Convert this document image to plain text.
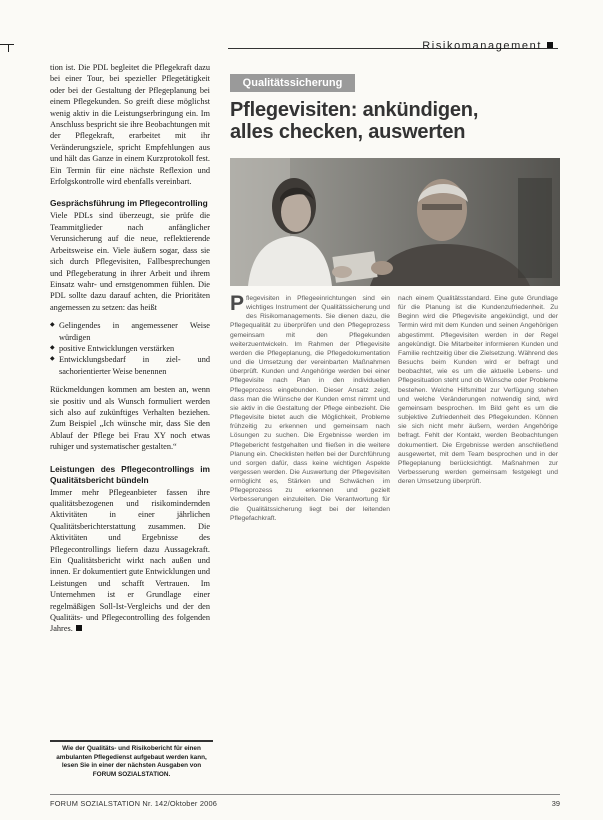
Risikomanagement

tion ist. Die PDL begleitet die Pflegekraft dazu bei einer Tour, bei spezieller Pflegetätigkeit oder bei der Gestaltung der Pflegeplanung bei einem Pflegekunden. So greift diese möglichst wenig aktiv in die Leistungserbringung ein. Im Anschluss bespricht sie ihre Beobachtungen mit der Pflegekraft, erarbeitet mit ihr Veränderungsziele, spricht Empfehlungen aus und hält das Ganze in einem Kurzprotokoll fest. Ein Termin für eine nächste Reflexion und Erfolgskontrolle wird ebenfalls vereinbart.

Gesprächsführung im Pflegecontrolling

Viele PDLs sind überzeugt, sie prüfe die Teammitglieder nach anfänglicher Verunsicherung auf die neue, reflektierende Arbeitsweise ein. Viele äußern sogar, dass sie sich durch Pflegevisiten, Fallbesprechungen und Pflegeberatung in ihrer Arbeit und ihrem Einsatz wahr- und ernstgenommen fühlen. Die PDL sollte dazu darauf achten, die Prioritäten angemessen zu setzen: das heißt

◆ Gelingendes in angemessener Weise würdigen
◆ positive Entwicklungen verstärken
◆ Entwicklungsbedarf in ziel- und sachorientierter Weise benennen

Rückmeldungen kommen am besten an, wenn sie positiv und als Wunsch formuliert werden sich also auf zukünftiges Verhalten beziehen. Zum Beispiel „Ich wünsche mir, dass Sie den Ablauf der Pflege bei Frau XY noch etwas ruhiger und systematischer gestalten.“

Leistungen des Pflegecontrollings im Qualitätsbericht bündeln

Immer mehr Pflegeanbieter fassen ihre qualitätsbezogenen und risikomindernden Aktivitäten in einer jährlichen Qualitätsberichterstattung zusammen. Die Aktivitäten und Ergebnisse des Pflegecontrollings liefern dazu Aussagekraft. Ein Qualitätsbericht wirkt nach außen und innen. Er dokumentiert gute Entwicklungen und Leistungen und schafft Vertrauen. Im Unternehmen ist er Grundlage einer regelmäßigen Soll-Ist-Vergleichs und der den Qualitäts- und Pflegecontrolling des folgenden Jahres.

Wie der Qualitäts- und Risikobericht für einen ambulanten Pflegedienst aufgebaut werden kann, lesen Sie in einer der nächsten Ausgaben von FORUM SOZIALSTATION.
Qualitätssicherung
Pflegevisiten: ankündigen,
alles checken, auswerten
P flegevisiten in Pflegeeinrichtungen sind ein wichtiges Instrument der Qualitätssicherung und des Risikomanagements. Sie dienen dazu, die Pflegequalität zu überprüfen und den Pflegeprozess gemeinsam mit den Pflegekunden weiterzuentwickeln. Im Rahmen der Pflegevisite werden die Pflegeplanung, die Pflegedokumentation und die Umsetzung der vereinbarten Maßnahmen überprüft. Kunden und Angehörige werden bei einer Pflegevisite nach Plan in den individuellen Pflegeprozess eingebunden. Dieser Ansatz zeigt, dass man die Wünsche der Kunden ernst nimmt und sie aktiv in die Gestaltung der Pflege einbezieht. Die Pflegevisite bietet auch die Möglichkeit, Probleme frühzeitig zu erkennen und gemeinsam nach Lösungen zu suchen. Die Ergebnisse werden im Pflegebericht festgehalten und fließen in die weitere Planung ein. Checklisten helfen bei der Durchführung und sorgen dafür, dass keine wichtigen Aspekte vergessen werden. Die Auswertung der Pflegevisiten ermöglicht es, Stärken und Schwächen im Pflegeprozess zu erkennen und gezielt Verbesserungen einzuleiten. Die Verantwortung für die Qualitätssicherung liegt bei der leitenden Pflegefachkraft.

nach einem Qualitätsstandard. Eine gute Grundlage für die Planung ist die Kundenzufriedenheit. Zu Beginn wird die Pflegevisite angekündigt, und der Termin wird mit dem Kunden und seinen Angehörigen abgestimmt. Pflegevisiten werden in der Regel angekündigt. Die Mitarbeiter informieren Kunden und Familie rechtzeitig über die Zielsetzung. Während des Besuchs beim Kunden wird er befragt und beobachtet, wie es um die aktuelle Lebens- und Pflegesituation steht und ob Wünsche oder Probleme bestehen. Welche Hilfsmittel zur Verfügung stehen und welche Veränderungen notwendig sind, wird gemeinsam besprochen. Im Bild geht es um die subjektive Zufriedenheit des Pflegekunden. Können sie sich nicht mehr äußern, werden Angehörige befragt. Fehlt der Kontakt, werden Beobachtungen dokumentiert. Die Ergebnisse werden anschließend ausgewertet, mit dem Team besprochen und in der Pflegeplanung berücksichtigt. Maßnahmen zur Verbesserung werden gemeinsam festgelegt und deren Umsetzung überprüft.

FORUM SOZIALSTATION Nr. 142/Oktober 2006	39
